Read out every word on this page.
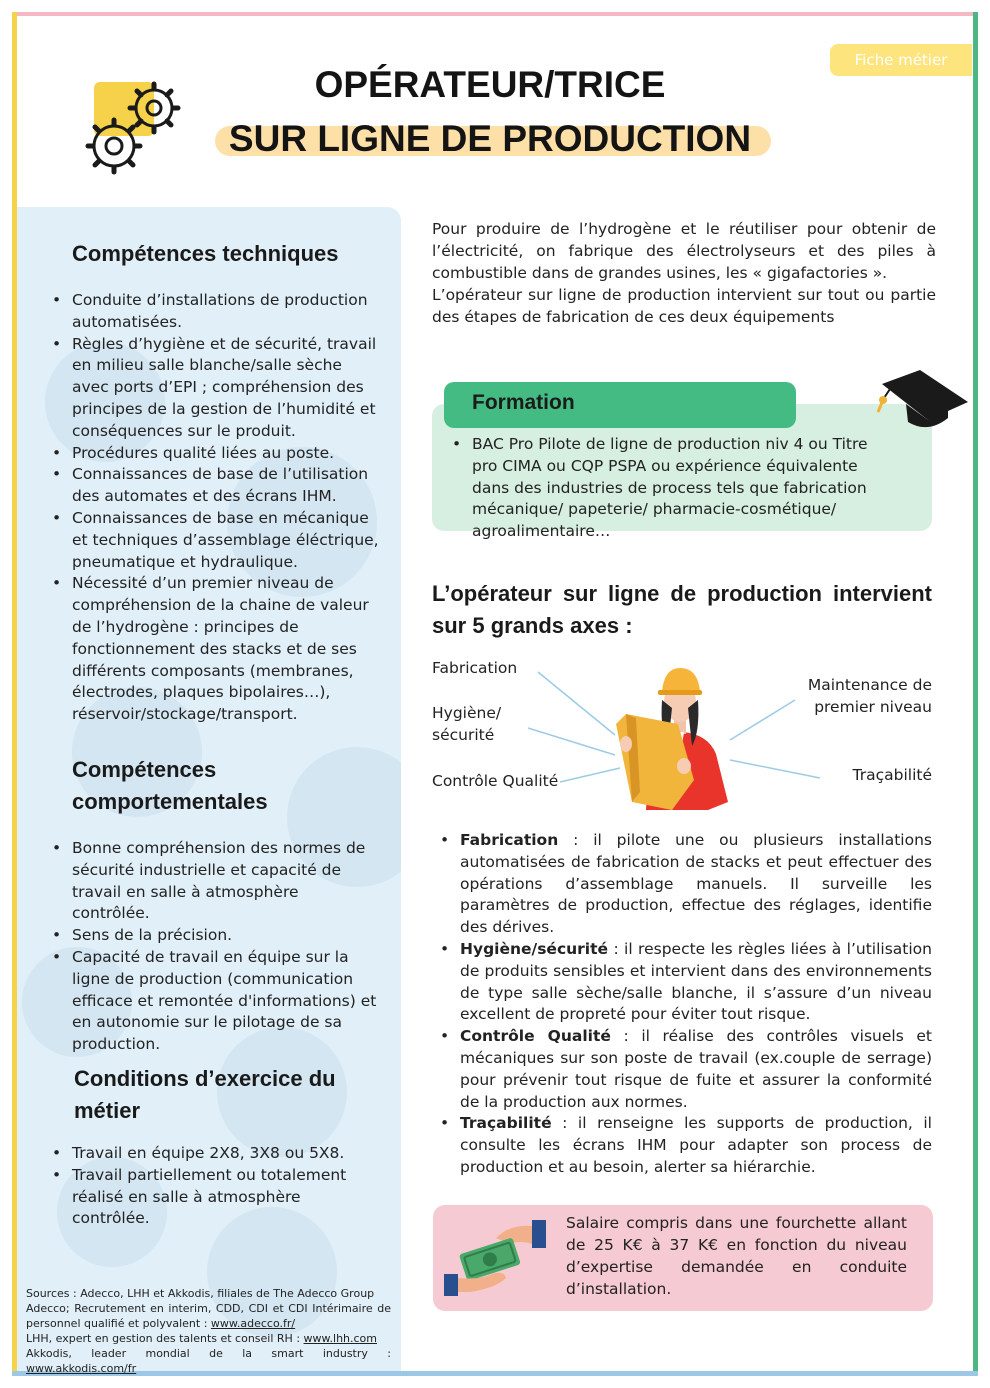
Fiche métier
OPÉRATEUR/TRICE
SUR LIGNE DE PRODUCTION
Compétences techniques
• Conduite d’installations de production automatisées.
• Règles d’hygiène et de sécurité, travail en milieu salle blanche/salle sèche avec ports d’EPI ; compréhension des principes de la gestion de l’humidité et conséquences sur le produit.
• Procédures qualité liées au poste.
• Connaissances de base de l’utilisation des automates et des écrans IHM.
• Connaissances de base en mécanique et techniques d’assemblage éléctrique, pneumatique et hydraulique.
• Nécessité d’un premier niveau de compréhension de la chaine de valeur de l’hydrogène : principes de fonctionnement des stacks et de ses différents composants (membranes, électrodes, plaques bipolaires…), réservoir/stockage/transport.
Compétences
comportementales
• Bonne compréhension des normes de sécurité industrielle et capacité de travail en salle à atmosphère contrôlée.
• Sens de la précision.
• Capacité de travail en équipe sur la ligne de production (communication efficace et remontée d'informations) et en autonomie sur le pilotage de sa production.
Conditions d’exercice du
métier
• Travail en équipe 2X8, 3X8 ou 5X8.
• Travail partiellement ou totalement réalisé en salle à atmosphère contrôlée.
Sources : Adecco, LHH et Akkodis, filiales de The Adecco Group
Adecco; Recrutement en interim, CDD, CDI et CDI Intérimaire de personnel qualifié et polyvalent : www.adecco.fr/
LHH, expert en gestion des talents et conseil RH : www.lhh.com
Akkodis, leader mondial de la smart industry : www.akkodis.com/fr

Pour produire de l’hydrogène et le réutiliser pour obtenir de l’électricité, on fabrique des électrolyseurs et des piles à combustible dans de grandes usines, les « gigafactories ».

L’opérateur sur ligne de production intervient sur tout ou partie des étapes de fabrication de ces deux équipements

Formation
• BAC Pro Pilote de ligne de production niv 4 ou Titre pro CIMA ou CQP PSPA ou expérience équivalente dans des industries de process tels que fabrication mécanique/ papeterie/ pharmacie-cosmétique/ agroalimentaire…
L’opérateur sur ligne de production intervient sur 5 grands axes :
Fabrication
Hygiène/
sécurité
Contrôle Qualité
Maintenance de
premier niveau
Traçabilité
• Fabrication : il pilote une ou plusieurs installations automatisées de fabrication de stacks et peut effectuer des opérations d’assemblage manuels. Il surveille les paramètres de production, effectue des réglages, identifie des dérives.
• Hygiène/sécurité : il respecte les règles liées à l’utilisation de produits sensibles et intervient dans des environnements de type salle sèche/salle blanche, il s’assure d’un niveau excellent de propreté pour éviter tout risque.
• Contrôle Qualité : il réalise des contrôles visuels et mécaniques sur son poste de travail (ex.couple de serrage) pour prévenir tout risque de fuite et assurer la conformité de la production aux normes.
• Traçabilité : il renseigne les supports de production, il consulte les écrans IHM pour adapter son process de production et au besoin, alerter sa hiérarchie.
Salaire compris dans une fourchette allant de 25 K€ à 37 K€ en fonction du niveau d’expertise demandée en conduite d’installation.
